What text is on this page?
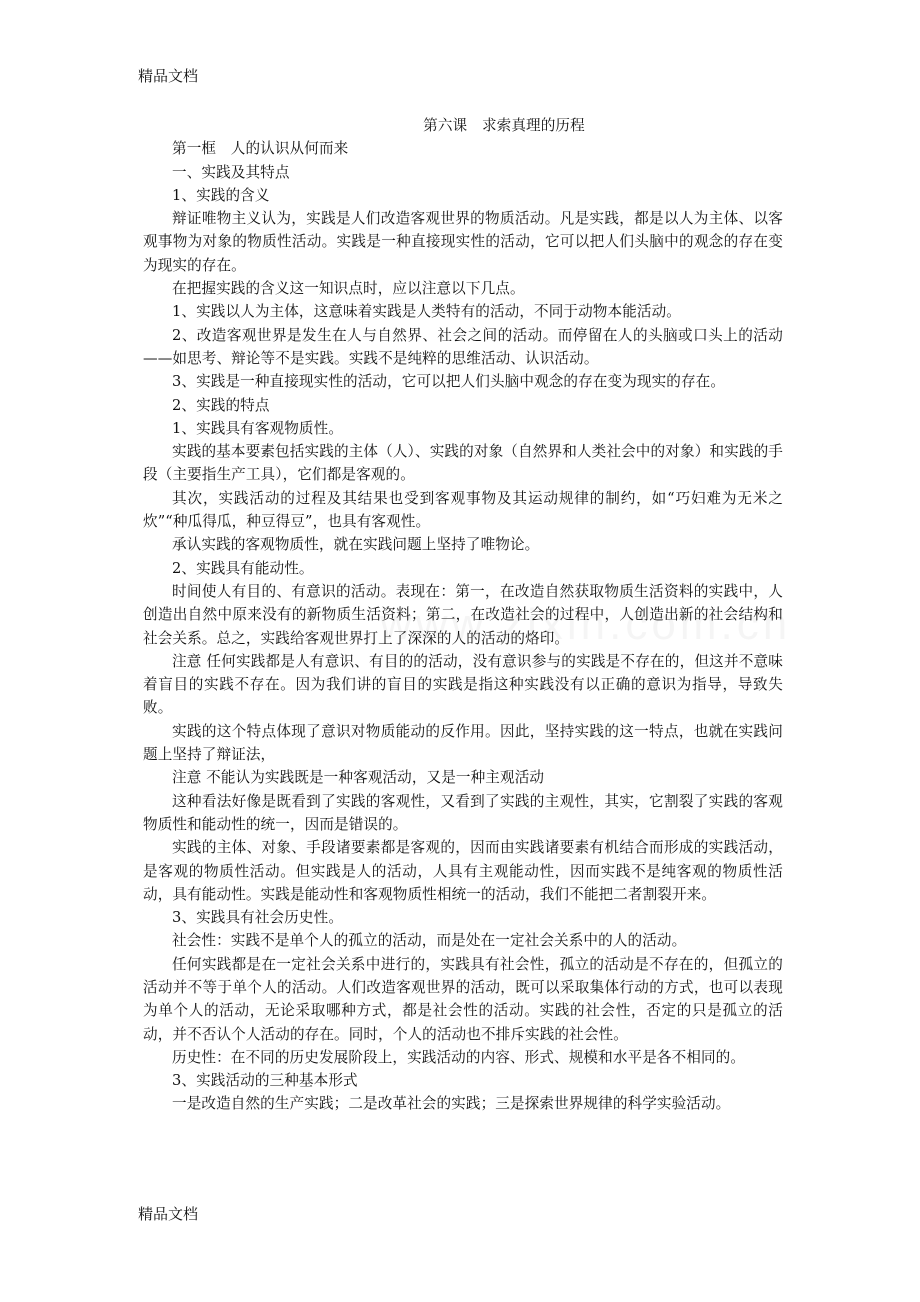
精品文档
第六课　求索真理的历程

第一框　人的认识从何而来

一、实践及其特点

1、实践的含义

辩证唯物主义认为，实践是人们改造客观世界的物质活动。凡是实践，都是以人为主体、以客观事物为对象的物质性活动。实践是一种直接现实性的活动，它可以把人们头脑中的观念的存在变为现实的存在。

在把握实践的含义这一知识点时，应以注意以下几点。

1、实践以人为主体，这意味着实践是人类特有的活动，不同于动物本能活动。

2、改造客观世界是发生在人与自然界、社会之间的活动。而停留在人的头脑或口头上的活动——如思考、辩论等不是实践。实践不是纯粹的思维活动、认识活动。

3、实践是一种直接现实性的活动，它可以把人们头脑中观念的存在变为现实的存在。

2、实践的特点

1、实践具有客观物质性。

实践的基本要素包括实践的主体（人）、实践的对象（自然界和人类社会中的对象）和实践的手段（主要指生产工具），它们都是客观的。

其次，实践活动的过程及其结果也受到客观事物及其运动规律的制约，如“巧妇难为无米之炊”“种瓜得瓜，种豆得豆”，也具有客观性。

承认实践的客观物质性，就在实践问题上坚持了唯物论。

2、实践具有能动性。

时间使人有目的、有意识的活动。表现在：第一，在改造自然获取物质生活资料的实践中，人创造出自然中原来没有的新物质生活资料；第二，在改造社会的过程中，人创造出新的社会结构和社会关系。总之，实践给客观世界打上了深深的人的活动的烙印。

注意 任何实践都是人有意识、有目的的活动，没有意识参与的实践是不存在的，但这并不意味着盲目的实践不存在。因为我们讲的盲目的实践是指这种实践没有以正确的意识为指导，导致失败。

实践的这个特点体现了意识对物质能动的反作用。因此，坚持实践的这一特点，也就在实践问题上坚持了辩证法，

注意 不能认为实践既是一种客观活动，又是一种主观活动

这种看法好像是既看到了实践的客观性，又看到了实践的主观性，其实，它割裂了实践的客观物质性和能动性的统一，因而是错误的。

实践的主体、对象、手段诸要素都是客观的，因而由实践诸要素有机结合而形成的实践活动，是客观的物质性活动。但实践是人的活动，人具有主观能动性，因而实践不是纯客观的物质性活动，具有能动性。实践是能动性和客观物质性相统一的活动，我们不能把二者割裂开来。

3、实践具有社会历史性。

社会性：实践不是单个人的孤立的活动，而是处在一定社会关系中的人的活动。

任何实践都是在一定社会关系中进行的，实践具有社会性，孤立的活动是不存在的，但孤立的活动并不等于单个人的活动。人们改造客观世界的活动，既可以采取集体行动的方式，也可以表现为单个人的活动，无论采取哪种方式，都是社会性的活动。实践的社会性，否定的只是孤立的活动，并不否认个人活动的存在。同时，个人的活动也不排斥实践的社会性。

历史性：在不同的历史发展阶段上，实践活动的内容、形式、规模和水平是各不相同的。

3、实践活动的三种基本形式

一是改造自然的生产实践；二是改革社会的实践；三是探索世界规律的科学实验活动。

精品文档
